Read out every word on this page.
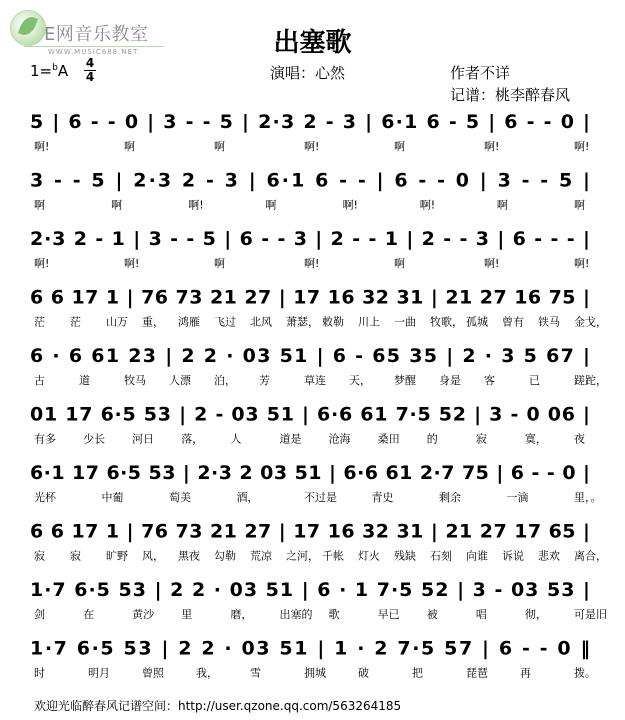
E网音乐教室
WWW.MUSIC688.NET	出塞歌
1=$^b$A 4
4	演唱：心然	作者不详
记谱：桃李醉春风
5 | 6 - - 0 | 3 - - 5 | 2·3 2 - 3 | 6·1 6 - 5 | 6 - - 0 |
啊!	啊	啊	啊!	啊	啊!	啊!
3 - - 5 | 2·3 2 - 3 | 6·1 6 - - | 6 - - 0 | 3 - - 5 |
啊	啊	啊!	啊	啊!	啊!	啊	啊
2·3 2 - 1 | 3 - - 5 | 6 - - 3 | 2 - - 1 | 2 - - 3 | 6 - - - |
啊!	啊!	啊	啊!	啊	啊!	啊!
6 6 17 1 | 76 73 21 27 | 17 16 32 31 | 21 27 16 75 |
茫 茫 山万 重， 鸿雁 飞过 北风 萧瑟， 敕勒 川上 一曲 牧歌， 孤城 曾有 铁马 金戈，
6 · 6 61 23 | 2 2 · 03 51 | 6 - 65 35 | 2 · 3 5 67 |
古	道	牧马 人漂 泊， 芳	草连 天， 梦醒 身是 客	已	蹉跎，
01 17 6·5 53 | 2 - 03 51 | 6·6 61 7·5 52 | 3 - 0 06 |
有多 少长 河日 落， 人	道是 沧海 桑田 的	寂	寞， 夜
6·1 17 6·5 53 | 2·3 2 03 51 | 6·6 61 2·7 75 | 6 - - 0 |
光杯	中葡	萄美	酒，	不过是	青史	剩余	一滴	里，。
6 6 17 1 | 76 73 21 27 | 17 16 32 31 | 21 27 17 65 |
寂 寂 旷野 风， 黑夜 勾勒 荒凉 之河， 千帐 灯火 残缺 石刻 向谁 诉说 悲欢 离合，
1·7 6·5 53 | 2 2 · 03 51 | 6 · 1 7·5 52 | 3 - 03 53 |
剑	在	黄沙 里	磨， 出塞的 歌	早已 被	唱	彻， 可是旧
1·7 6·5 53 | 2 2 · 03 51 | 1 · 2 7·5 57 | 6 - - 0 ‖
时	明月	曾照	我，	雪	拥城	破	把	琵琶	再	拨。
欢迎光临醉春风记谱空间：http://user.qzone.qq.com/563264185
